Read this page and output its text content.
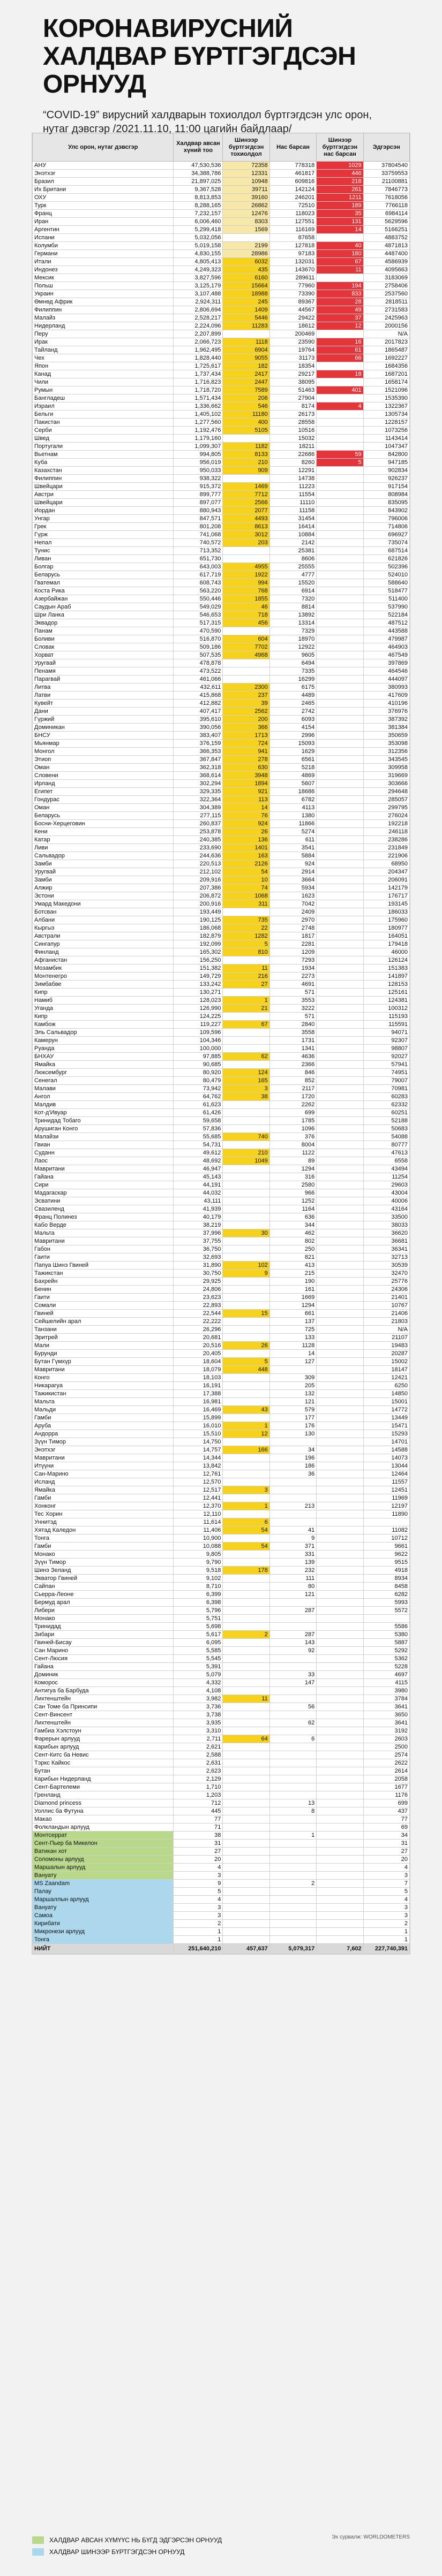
КОРОНАВИРУСНИЙ ХАЛДВАР БҮРТГЭГДСЭН ОРНУУД
“COVID-19” вирусний халдварын тохиолдол бүртгэгдсэн улс орон, нутаг дэвсгэр /2021.11.10, 11:00 цагийн байдлаар/
Улс орон, нутаг дэвсгэр	Халдвар авсан хүний тоо	Шинээр бүртгэгдсэн тохиолдол	Нас барсан	Шинээр бүртгэгдсэн нас барсан	Эдгэрсэн
АНУ	47,530,536	72358	778318	1029	37804540
Энэтхэг	34,388,786	12331	461817	446	33759553
Бразил	21,897,025	10948	609816	218	21100881
Их Британи	9,367,528	39711	142124	261	7846773
ОХУ	8,813,853	39160	246201	1211	7618056
Турк	8,288,165	26862	72510	189	7766118
Франц	7,232,157	12476	118023	35	6984114
Иран	6,006,460	8303	127551	131	5629596
Аргентин	5,299,418	1569	116169	14	5166251
Испани	5,032,056		87658		4883752
Колумби	5,019,158	2199	127818	40	4871813
Германи	4,830,155	28986	97183	180	4487400
Итали	4,805,413	6032	132031	67	4586939
Индонез	4,249,323	435	143670	11	4095663
Мексик	3,827,596	6160	289611		3183069
Польш	3,125,179	15664	77960	194	2758406
Украин	3,107,488	18988	73390	833	2537560
Өмнөд Африк	2,924,311	245	89367	28	2818511
Филиппин	2,806,694	1409	44567	49	2731583
Малайз	2,528,217	5446	29422	37	2425963
Нидерланд	2,224,096	11283	18612	12	2000156
Перу	2,207,899		200469		N/A
Ирак	2,066,723	1118	23590	16	2017823
Тайланд	1,962,495	6904	19764	61	1865487
Чех	1,828,440	9055	31173	66	1692227
Япон	1,725,617	182	18354		1684356
Канад	1,737,434	2417	29217	18	1687201
Чили	1,716,823	2447	38095		1658174
Румын	1,718,720	7589	51463	401	1521096
Бангладеш	1,571,434	206	27904		1535390
Израил	1,336,662	546	8174	4	1322367
Бельги	1,405,102	11180	26173		1305734
Пакистан	1,277,560	400	28558		1228157
Серби	1,192,476	5105	10516		1073256
Швед	1,179,160		15032		1143414
Португали	1,099,307	1182	18211		1047347
Вьетнам	994,805	8133	22686	59	842800
Куба	956,019	210	8260	5	947185
Казахстан	950,033	909	12291		902834
Филиппин	938,322		14738		926237
Швейцари	915,372	1469	11223		917154
Австри	899,777	7712	11554		808984
Швейцари	897,077	2566	11110		835095
Иордан	880,943	2077	11158		843902
Унгар	847,571	4493	31454		796006
Грек	801,208	8613	16414		714806
Гүрж	741,068	3012	10884		696927
Непал	740,572	203	2142		735074
Тунис	713,352		25381		687514
Ливан	651,730		8606		621826
Болгар	643,003	4955	25555		502396
Беларусь	617,719	1922	4777		524010
Гватемал	608,743	994	15520		588640
Коста Рика	563,220	768	6914		518477
Азербайжан	550,446	1855	7320		511400
Саудын Араб	549,029	46	8814		537990
Шри Ланка	546,653	718	13892		522184
Эквадор	517,315	456	13314		487512
Панам	470,590		7329		443588
Боливи	516,870	604	18970		479987
Словак	509,186	7702	12922		464903
Хорват	507,535	4968	9605		467549
Уругвай	478,878		6494		397869
Пенамя	473,522		7335		464546
Парагвай	461,066		16299		444097
Литва	432,611	2300	6175		380993
Латви	415,868	237	4489		417609
Кувейт	412,882	39	2465		410196
Дани	407,417	2562	2742		376976
Гүржий	395,610	200	6093		387392
Доминикан	390,056	366	4154		381384
БНСУ	383,407	1713	2996		350659
Мьянмар	376,159	724	15093		353098
Монгол	366,353	941	1629		312356
Этиоп	367,847	278	6561		343545
Оман	362,318	630	5218		309958
Словени	368,614	3948	4869		319669
Ирланд	302,294	1894	5607		303666
Египет	329,335	921	18686		294648
Гондурас	322,364	113	6782		285057
Оман	304,389	14	4113		299795
Беларусь	277,115	76	1380		276024
Босни-Херцеговин	260,837	924	11866		192218
Кени	253,878	26	5274		246118
Катар	240,385	136	611		238286
Ливи	233,690	1401	3541		231849
Сальвадор	244,636	163	5884		221906
Замби	220,513	2126	924		68950
Уругвай	212,102	54	2914		204347
Замби	209,916	10	3664		206091
Алжир	207,386	74	5934		142179
Эстони	206,872	1068	1623		176717
Умард Македони	200,916	311	7042		193145
Ботсван	193,449		2409		186033
Албани	190,125	735	2970		175960
Кыргыз	186,068	22	2748		180977
Австрали	182,879	1282	1817		164051
Сингапур	192,099	5	2281		179418
Финланд	165,302	810	1209		46000
Афганистан	156,250		7293		126124
Мозамбик	151,382	11	1934		151383
Монтенегро	149,729	216	2273		141897
Зимбабве	133,242	27	4691		128153
Кипр	130,271		571		125161
Намиб	128,023	1	3553		124381
Уганда	126,990	21	3222		100312
Кипр	124,225		571		115193
Камбож	119,227	67	2840		115591
Эль Сальвадор	109,596		3558		94071
Камерун	104,346		1731		92307
Руанда	100,000		1341		98807
БНХАУ	97,885	62	4636		92027
Ямайка	90,685		2366		57941
Люксембург	80,920	124	846		74951
Сенегал	80,479	165	852		79007
Малави	73,942	3	2117		70981
Ангол	64,762	38	1720		60283
Малдив	61,623		2262		62332
Кот-д'Ивуар	61,426		699		60251
Тринидад Тобаго	59,658		1785		52188
Арушиган Конго	57,836		1096		50683
Малайзи	55,685	740	376		54088
Гвиан	54,731		8004		80777
Суданн	49,612	210	1122		47613
Лаос	48,692	1049	89		6558
Мавритани	46,947		1294		43494
Гайана	45,143		316		11254
Сири	44,191		2580		29603
Мадагаскар	44,032		966		43004
Эсватини	43,111		1252		40006
Свазиленд	41,939		1164		43164
Франц Полинез	40,179		636		33500
Кабо Верде	38,219		344		38033
Мальта	37,996	30	462		36620
Мавритани	37,755		802		36681
Габон	36,750		250		36341
Гаити	32,693		821		32713
Папуа Шинэ Гвиней	31,890	102	413		30539
Тажикстан	30,750	9	215		32470
Бахрейн	29,925		190		25776
Бенин	24,806		161		24306
Гаити	23,623		1669		21401
Сомали	22,893		1294		10767
Гвиней	22,544	15	661		21406
Сейшелийн арал	22,222		137		21803
Танзани	26,296		725		N/A
Эритрей	20,681		133		21107
Мали	20,516	26	1128		19483
Бурунди	20,405		14		20287
Бутан Гүмхүр	18,604	5	127		15002
Мавритани	18,079	448			18147
Конго	18,103		309		12421
Никарагуа	16,191		205		6250
Тажикистан	17,388		132		14850
Мальта	16,981		121		15001
Мальди	16,469	43	579		14772
Гамби	15,899		177		13449
Аруба	16,010	1	176		15471
Андорра	15,510	12	130		15293
Зүүн Тимор	14,750				14701
Энэтхэг	14,757	166	34		14588
Мавритани	14,344		196		14073
Итүүни	13,842		186		13044
Сан-Марино	12,761		36		12464
Исланд	12,570				11557
Ямайка	12,517	3			12451
Гамби	12,441				11969
Хонконг	12,370	1	213		12197
Тес Хорин	12,110				11890
Уннитэд	11,614	6			
Хятад Каледон	11,406	54	41		11082
Тонга	10,900		9		10712
Гамби	10,088	54	371		9661
Монако	9,805		331		9622
Зүүн Тимор	9,790		139		9515
Шинэ Зеланд	9,518	178	232		4918
Экватор Гвиней	9,102		111		8934
Сайпан	8,710		80		8458
Сьерра-Леоне	6,399		121		6282
Бермуд арал	6,398				5993
Либери	5,796		287		5572
Монако	5,751				
Тринидад	5,698				5586
Зибари	5,617	2	287		5380
Гвиней-Бисау	6,095		143		5887
Сан Марино	5,585		92		5292
Сент-Люсия	5,545				5362
Гайана	5,391				5228
Доминик	5,079		33		4697
Коморос	4,332		147		4115
Антигуа ба Барбуда	4,108				3980
Лихтенштейн	3,982	11			3784
Сан Томе ба Принсипи	3,736		56		3641
Сент-Винсент	3,738				3650
Лихтенштейн	3,935		62		3641
Гамбиа Хэлстоун	3,310				3192
Фарерын арлууд	2,711	64	6		2603
Карибын арлууд	2,621				2500
Сент-Китс ба Невис	2,588				2574
Тэркс Кайкос	2,631				2622
Бутан	2,623				2614
Карибын Нидерланд	2,129				2058
Сент-Бартелеми	1,710				1677
Гренланд	1,203				1176
Diamond princess	712		13		699
Уоллис ба Футуна	445		8		437
Макао	77				77
Фолкландын арлууд	71				69
Монтсеррат	38		1		34
Сент-Пьер ба Микелон	31				31
Ватикан хот	27				27
Соломоны арлууд	20				20
Маршалын арлууд	4				4
Вануату	3				3
MS Zaandam	9		2		7
Палау	5				5
Маршаллын арлууд	4				4
Вануату	3				3
Самоа	3				3
Кирибати	2				2
Микронези арлууд	1				1
Тонга	1				1
НИЙТ	251,640,210	457,637	5,079,317	7,602	227,740,391
Эх сурвалж: WORLDOMETERS
ХАЛДВАР АВСАН ХҮМҮҮС НЬ БҮГД ЭДГЭРСЭН ОРНУУД
ХАЛДВАР ШИНЭЭР БҮРТГЭГДСЭН ОРНУУД
